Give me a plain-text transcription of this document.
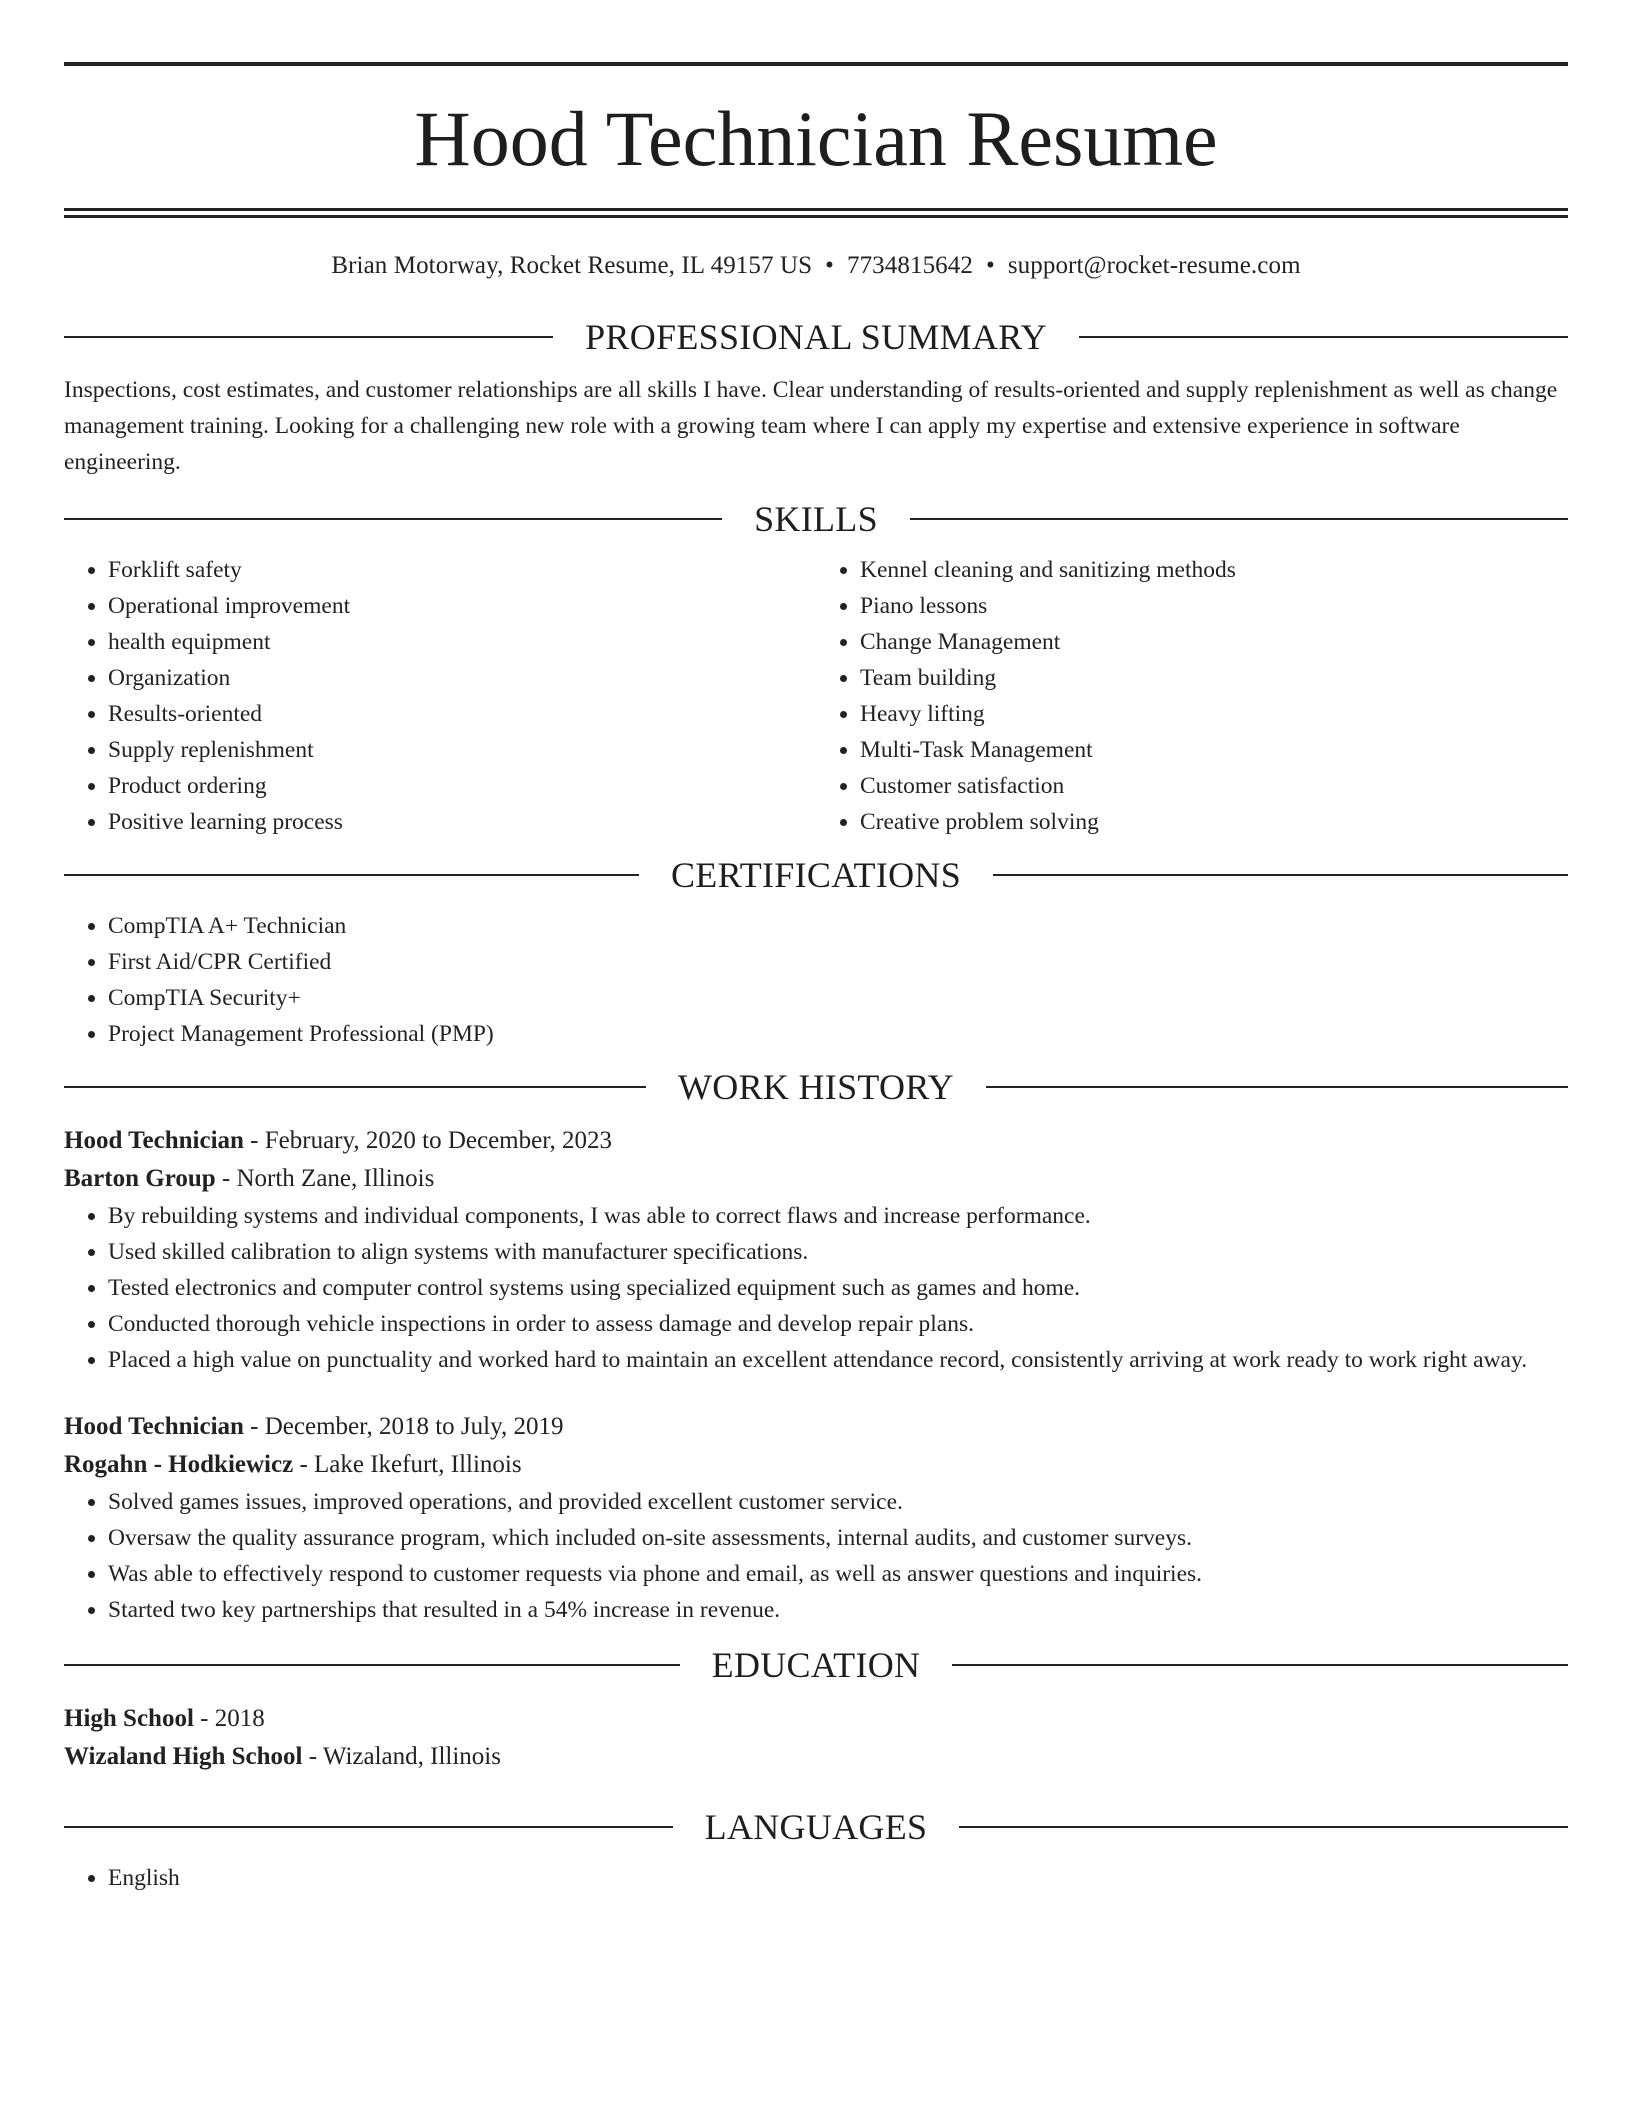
Hood Technician Resume
Brian Motorway, Rocket Resume, IL 49157 US • 7734815642 • support@rocket-resume.com
PROFESSIONAL SUMMARY

Inspections, cost estimates, and customer relationships are all skills I have. Clear understanding of results-oriented and supply replenishment as well as change management training. Looking for a challenging new role with a growing team where I can apply my expertise and extensive experience in software engineering.

SKILLS
• Forklift safety
• Operational improvement
• health equipment
• Organization
• Results-oriented
• Supply replenishment
• Product ordering
• Positive learning process
• Kennel cleaning and sanitizing methods
• Piano lessons
• Change Management
• Team building
• Heavy lifting
• Multi-Task Management
• Customer satisfaction
• Creative problem solving
CERTIFICATIONS
• CompTIA A+ Technician
• First Aid/CPR Certified
• CompTIA Security+
• Project Management Professional (PMP)
WORK HISTORY
Hood Technician - February, 2020 to December, 2023
Barton Group - North Zane, Illinois
• By rebuilding systems and individual components, I was able to correct flaws and increase performance.
• Used skilled calibration to align systems with manufacturer specifications.
• Tested electronics and computer control systems using specialized equipment such as games and home.
• Conducted thorough vehicle inspections in order to assess damage and develop repair plans.
• Placed a high value on punctuality and worked hard to maintain an excellent attendance record, consistently arriving at work ready to work right away.
Hood Technician - December, 2018 to July, 2019
Rogahn - Hodkiewicz - Lake Ikefurt, Illinois
• Solved games issues, improved operations, and provided excellent customer service.
• Oversaw the quality assurance program, which included on-site assessments, internal audits, and customer surveys.
• Was able to effectively respond to customer requests via phone and email, as well as answer questions and inquiries.
• Started two key partnerships that resulted in a 54% increase in revenue.
EDUCATION
High School - 2018
Wizaland High School - Wizaland, Illinois
LANGUAGES
• English
